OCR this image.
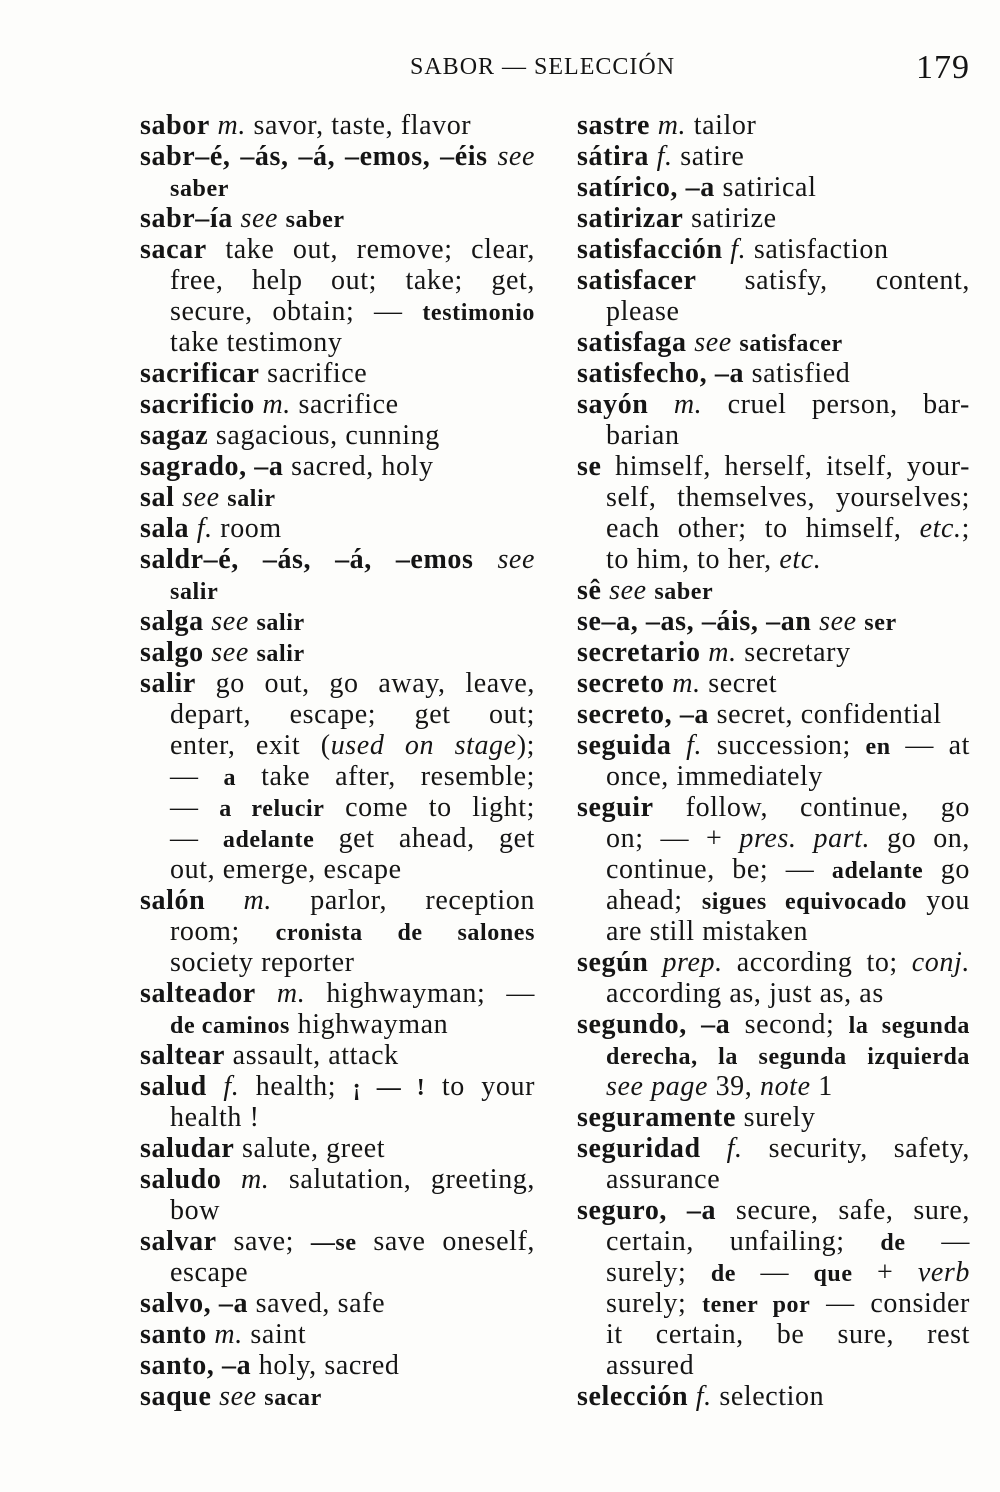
SABOR — SELECCIÓN	179
sabor m. savor, taste, flavor
sabr–é, –ás, –á, –emos, –éis see
saber
sabr–ía see saber
sacar take out, remove; clear,
free, help out; take; get,
secure, obtain; — testimonio
take testimony
sacrificar sacrifice
sacrificio m. sacrifice
sagaz sagacious, cunning
sagrado, –a sacred, holy
sal see salir
sala f. room
saldr–é, –ás, –á, –emos see
salir
salga see salir
salgo see salir
salir go out, go away, leave,
depart, escape; get out;
enter, exit (used on stage);
— a take after, resemble;
— a relucir come to light;
— adelante get ahead, get
out, emerge, escape
salón m. parlor, reception
room; cronista de salones
society reporter
salteador m. highwayman; —
de caminos highwayman
saltear assault, attack
salud f. health; ¡ — ! to your
health !
saludar salute, greet
saludo m. salutation, greeting,
bow
salvar save; —se save oneself,
escape
salvo, –a saved, safe
santo m. saint
santo, –a holy, sacred
saque see sacar
sastre m. tailor
sátira f. satire
satírico, –a satirical
satirizar satirize
satisfacción f. satisfaction
satisfacer satisfy, content,
please
satisfaga see satisfacer
satisfecho, –a satisfied
sayón m. cruel person, bar-
barian
se himself, herself, itself, your-
self, themselves, yourselves;
each other; to himself, etc.;
to him, to her, etc.
sê see saber
se–a, –as, –áis, –an see ser
secretario m. secretary
secreto m. secret
secreto, –a secret, confidential
seguida f. succession; en — at
once, immediately
seguir follow, continue, go
on; — + pres. part. go on,
continue, be; — adelante go
ahead; sigues equivocado you
are still mistaken
según prep. according to; conj.
according as, just as, as
segundo, –a second; la segunda
derecha, la segunda izquierda
see page 39, note 1
seguramente surely
seguridad f. security, safety,
assurance
seguro, –a secure, safe, sure,
certain, unfailing; de —
surely; de — que + verb
surely; tener por — consider
it certain, be sure, rest
assured
selección f. selection
